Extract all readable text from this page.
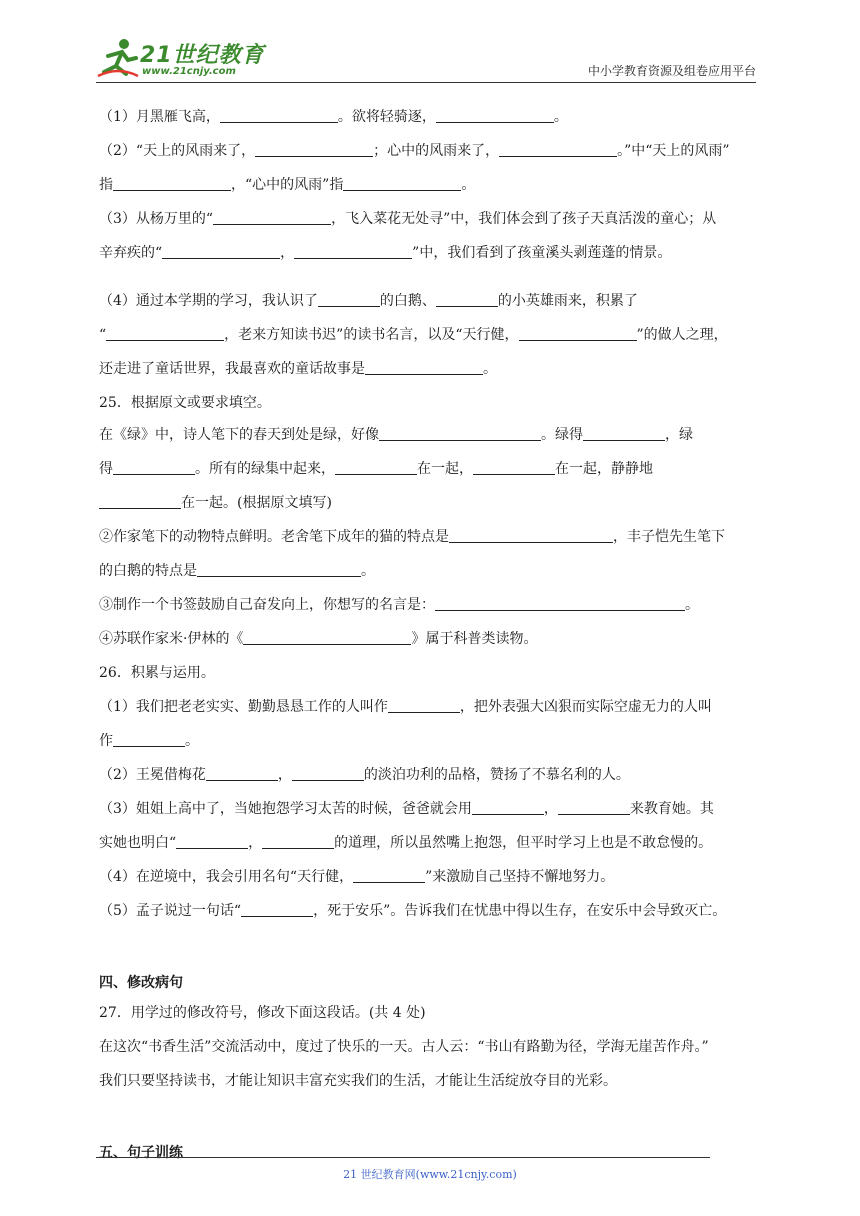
21世纪教育
www.21cnjy.com	中小学教育资源及组卷应用平台
（1）月黑雁飞高，	。欲将轻骑逐，	。
（2）“天上的风雨来了，	；心中的风雨来了，	。”中“天上的风雨”
指	，“心中的风雨”指	。
（3）从杨万里的“	，飞入菜花无处寻”中，我们体会到了孩子天真活泼的童心；从
辛弃疾的“	，	”中，我们看到了孩童溪头剥莲蓬的情景。
（4）通过本学期的学习，我认识了	的白鹅、	的小英雄雨来，积累了
“	，老来方知读书迟”的读书名言，以及“天行健，	”的做人之理，
还走进了童话世界，我最喜欢的童话故事是	。
25．根据原文或要求填空。
在《绿》中，诗人笔下的春天到处是绿，好像	。绿得	，绿
得	。所有的绿集中起来，	在一起，	在一起，静静地
在一起。(根据原文填写)
②作家笔下的动物特点鲜明。老舍笔下成年的猫的特点是	，丰子恺先生笔下
的白鹅的特点是	。
③制作一个书签鼓励自己奋发向上，你想写的名言是：	。
④苏联作家米·伊林的《	》属于科普类读物。
26．积累与运用。
（1）我们把老老实实、勤勤恳恳工作的人叫作	，把外表强大凶狠而实际空虚无力的人叫
作	。
（2）王冕借梅花	，	的淡泊功利的品格，赞扬了不慕名利的人。
（3）姐姐上高中了，当她抱怨学习太苦的时候，爸爸就会用	，	来教育她。其
实她也明白“	，	的道理，所以虽然嘴上抱怨，但平时学习上也是不敢怠慢的。
（4）在逆境中，我会引用名句“天行健，	”来激励自己坚持不懈地努力。
（5）孟子说过一句话“	，死于安乐”。告诉我们在忧患中得以生存，在安乐中会导致灭亡。
四、修改病句
27．用学过的修改符号，修改下面这段话。(共 4 处)
在这次“书香生活”交流活动中，度过了快乐的一天。古人云：“书山有路勤为径，学海无崖苦作舟。”
我们只要坚持读书，才能让知识丰富充实我们的生活，才能让生活绽放夺目的光彩。
五、句子训练
21 世纪教育网(www.21cnjy.com)
